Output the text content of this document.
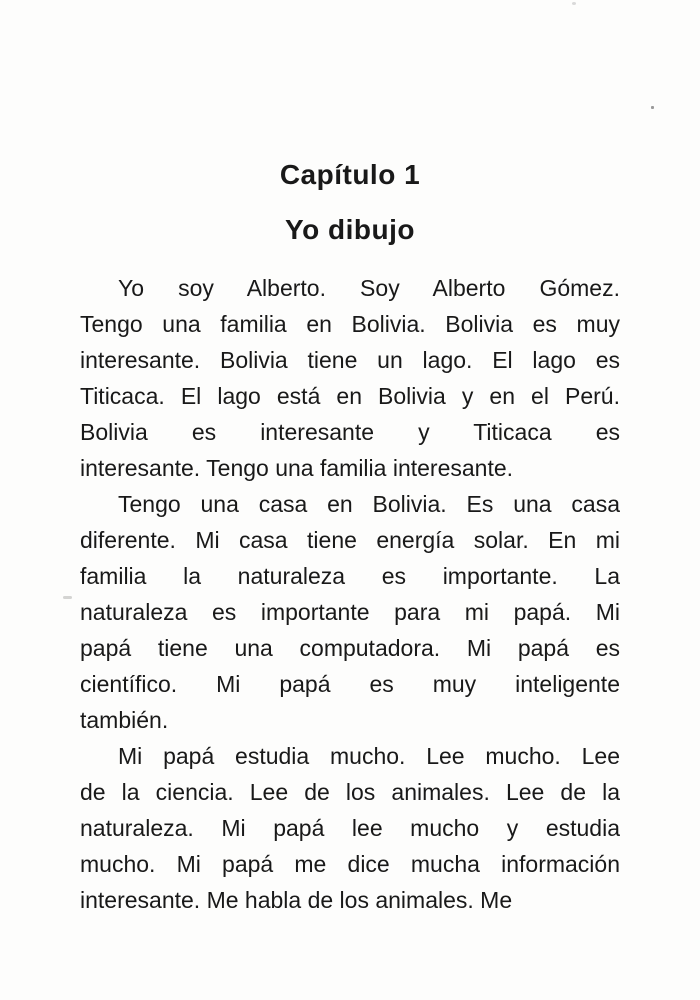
Capítulo 1
Yo dibujo
Yo soy Alberto. Soy Alberto Gómez.
Tengo una familia en Bolivia. Bolivia es muy
interesante. Bolivia tiene un lago. El lago es
Titicaca. El lago está en Bolivia y en el Perú.
Bolivia es interesante y Titicaca es
interesante. Tengo una familia interesante.
Tengo una casa en Bolivia. Es una casa
diferente. Mi casa tiene energía solar. En mi
familia la naturaleza es importante. La
naturaleza es importante para mi papá. Mi
papá tiene una computadora. Mi papá es
científico. Mi papá es muy inteligente
también.
Mi papá estudia mucho. Lee mucho. Lee
de la ciencia. Lee de los animales. Lee de la
naturaleza. Mi papá lee mucho y estudia
mucho. Mi papá me dice mucha información
interesante. Me habla de los animales. Me
